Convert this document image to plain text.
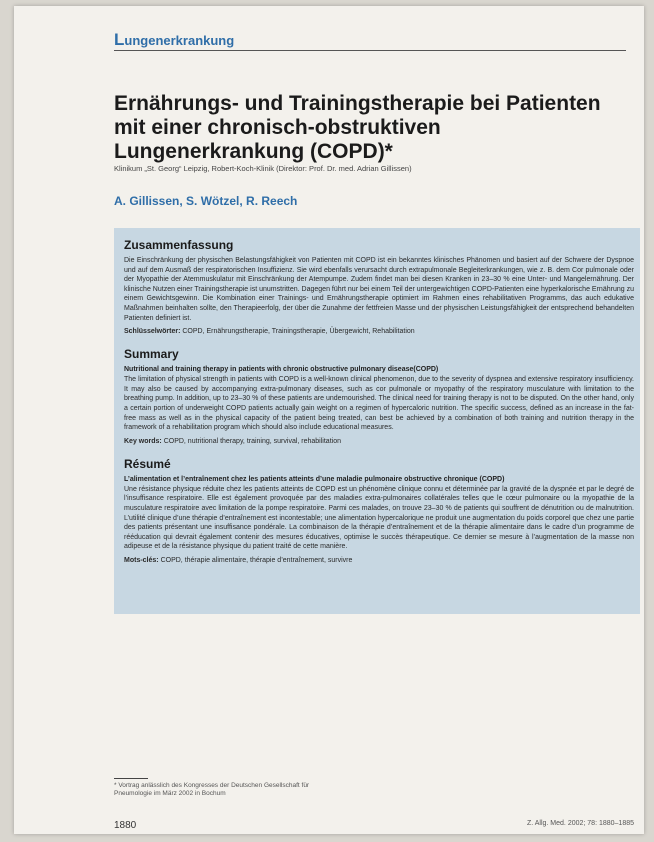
Lungenerkrankung
Ernährungs- und Trainingstherapie bei Patienten mit einer chronisch-obstruktiven Lungenerkrankung (COPD)*
Klinikum „St. Georg“ Leipzig, Robert-Koch-Klinik (Direktor: Prof. Dr. med. Adrian Gillissen)
A. Gillissen, S. Wötzel, R. Reech
Zusammenfassung

Die Einschränkung der physischen Belastungsfähigkeit von Patienten mit COPD ist ein bekanntes klinisches Phänomen und basiert auf der Schwere der Dyspnoe und auf dem Ausmaß der respiratorischen Insuffizienz. Sie wird ebenfalls verursacht durch extrapulmonale Begleiterkrankungen, wie z. B. dem Cor pulmonale oder der Myopathie der Atemmuskulatur mit Einschränkung der Atempumpe. Zudem findet man bei diesen Kranken in 23–30 % eine Unter- und Mangelernährung. Der klinische Nutzen einer Trainingstherapie ist unumstritten. Dagegen führt nur bei einem Teil der untergewichtigen COPD-Patienten eine hyperkalorische Ernährung zu einem Gewichtsgewinn. Die Kombination einer Trainings- und Ernährungstherapie optimiert im Rahmen eines rehabilitativen Programms, das auch edukative Maßnahmen beinhalten sollte, den Therapieerfolg, der über die Zunahme der fettfreien Masse und der physischen Leistungsfähigkeit der entsprechend behandelten Patienten definiert ist.

Schlüsselwörter: COPD, Ernährungstherapie, Trainingstherapie, Übergewicht, Rehabilitation
Summary
Nutritional and training therapy in patients with chronic obstructive pulmonary disease(COPD)

The limitation of physical strength in patients with COPD is a well-known clinical phenomenon, due to the severity of dyspnea and extensive respiratory insufficiency. It may also be caused by accompanying extra-pulmonary diseases, such as cor pulmonale or myopathy of the respiratory musculature with limitation to the breathing pump. In addition, up to 23–30 % of these patients are undernourished. The clinical need for training therapy is not to be disputed. On the other hand, only a certain portion of underweight COPD patients actually gain weight on a regimen of hypercaloric nutrition. The specific success, defined as an increase in the fat-free mass as well as in the physical capacity of the patient being treated, can best be achieved by a combination of both training and nutrition therapy in the framework of a rehabilitation program which should also include educational measures.

Key words: COPD, nutritional therapy, training, survival, rehabilitation
Résumé
L’alimentation et l’entraînement chez les patients atteints d’une maladie pulmonaire obstructive chronique (COPD)

Une résistance physique réduite chez les patients atteints de COPD est un phénomène clinique connu et déterminée par la gravité de la dyspnée et par le degré de l’insuffisance respiratoire. Elle est également provoquée par des maladies extra-pulmonaires collatérales telles que le cœur pulmonaire ou la myopathie de la musculature respiratoire avec limitation de la pompe respiratoire. Parmi ces malades, on trouve 23–30 % de patients qui souffrent de dénutrition ou de malnutrition. L’utilité clinique d’une thérapie d’entraînement est incontestable; une alimentation hypercalorique ne produit une augmentation du poids corporel que chez une partie des patients présentant une insuffisance pondérale. La combinaison de la thérapie d’entraînement et de la thérapie alimentaire dans le cadre d’un programme de rééducation qui devrait également contenir des mesures éducatives, optimise le succès thérapeutique. Ce dernier se mesure à l’augmentation de la masse non adipeuse et de la résistance physique du patient traité de cette manière.

Mots-clés: COPD, thérapie alimentaire, thérapie d’entraînement, survivre
* Vortrag anlässlich des Kongresses der Deutschen Gesellschaft für
Pneumologie im März 2002 in Bochum
1880	Z. Allg. Med. 2002; 78: 1880–1885
